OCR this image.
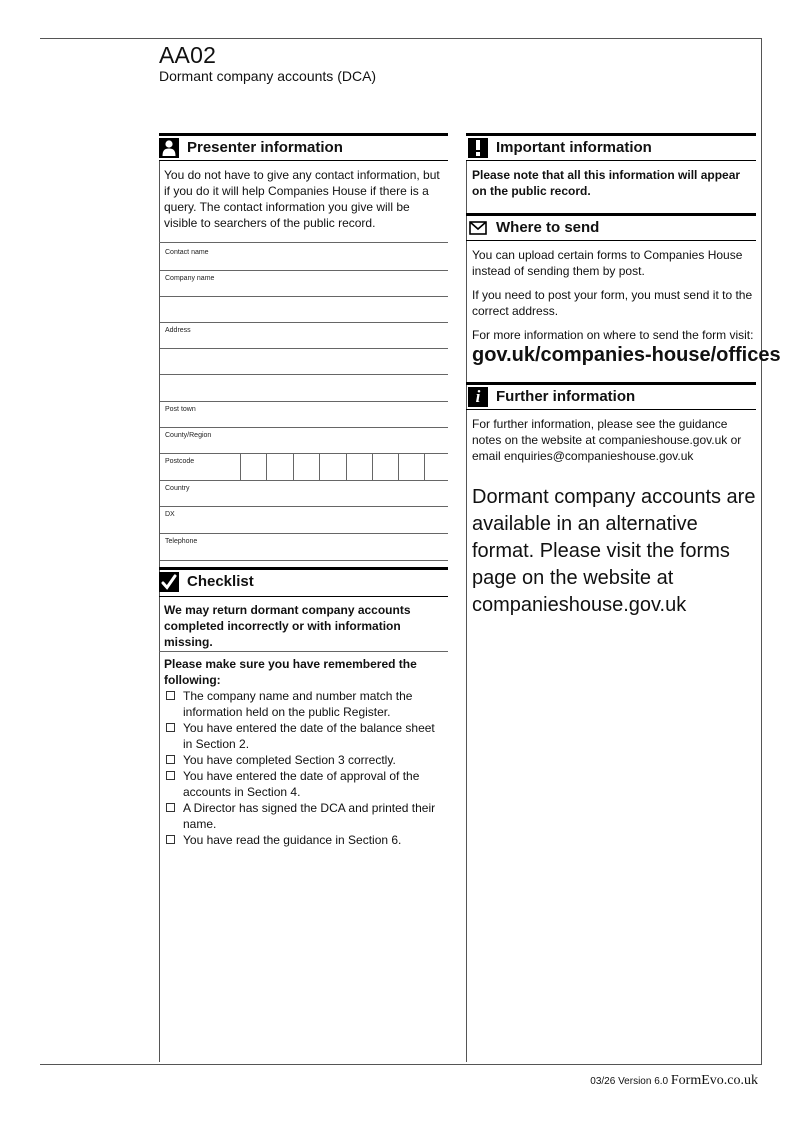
AA02
Dormant company accounts (DCA)
Presenter information
You do not have to give any contact information, but if you do it will help Companies House if there is a query. The contact information you give will be visible to searchers of the public record.
Contact name
Company name
Address
Post town
County/Region
Postcode
Country
DX
Telephone
Checklist
We may return dormant company accounts completed incorrectly or with information missing.
Please make sure you have remembered the following:
The company name and number match the information held on the public Register.
You have entered the date of the balance sheet in Section 2.
You have completed Section 3 correctly.
You have entered the date of approval of the accounts in Section 4.
A Director has signed the DCA and printed their name.
You have read the guidance in Section 6.
Important information
Please note that all this information will appear on the public record.
Where to send
You can upload certain forms to Companies House instead of sending them by post.
If you need to post your form, you must send it to the correct address.
For more information on where to send the form visit:
gov.uk/companies-house/offices
i Further information
For further information, please see the guidance notes on the website at companieshouse.gov.uk or email enquiries@companieshouse.gov.uk
Dormant company accounts are available in an alternative format. Please visit the forms page on the website at companieshouse.gov.uk
03/26 Version 6.0 FormEvo.co.uk
